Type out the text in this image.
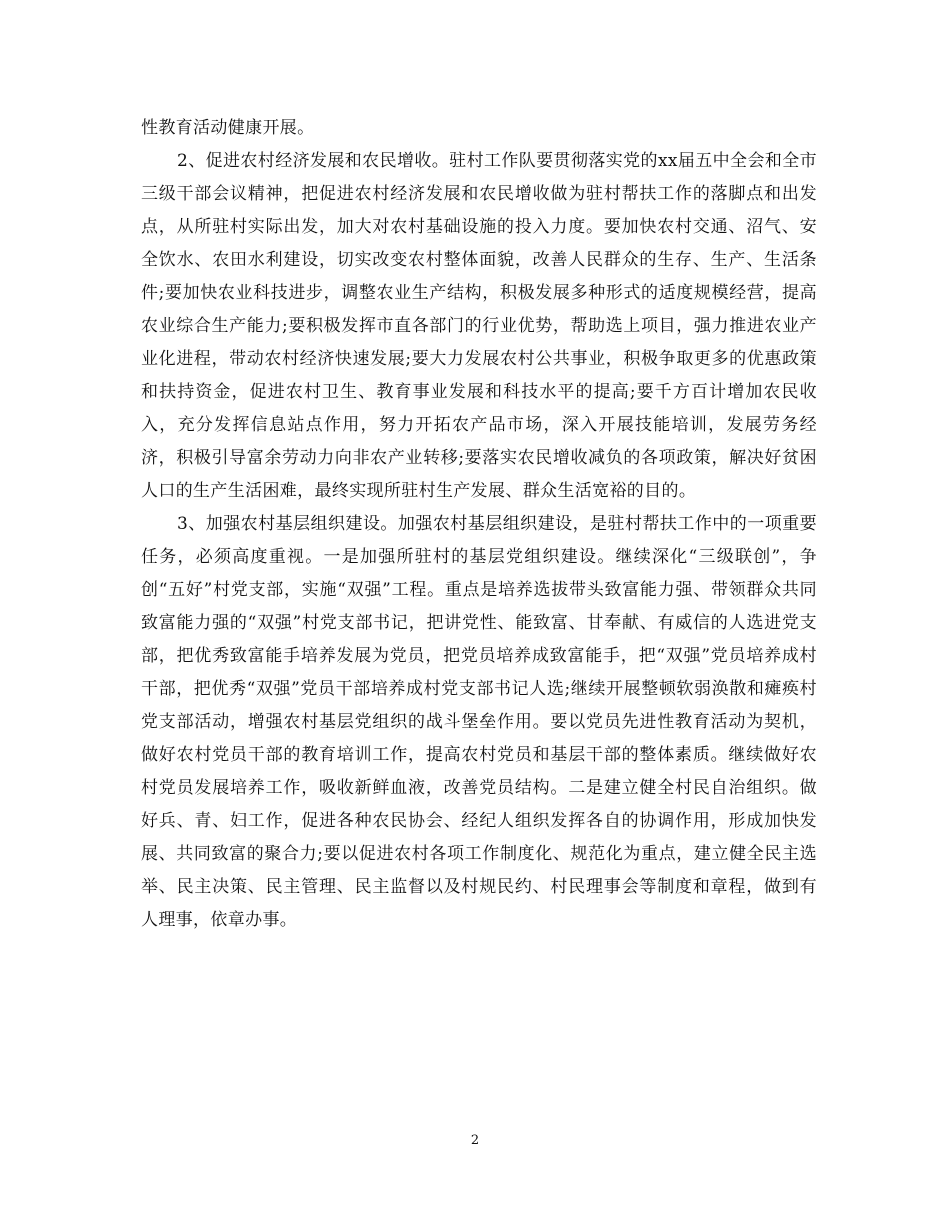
性教育活动健康开展。

2、促进农村经济发展和农民增收。驻村工作队要贯彻落实党的xx届五中全会和全市三级干部会议精神，把促进农村经济发展和农民增收做为驻村帮扶工作的落脚点和出发点，从所驻村实际出发，加大对农村基础设施的投入力度。要加快农村交通、沼气、安全饮水、农田水利建设，切实改变农村整体面貌，改善人民群众的生存、生产、生活条件;要加快农业科技进步，调整农业生产结构，积极发展多种形式的适度规模经营，提高农业综合生产能力;要积极发挥市直各部门的行业优势，帮助选上项目，强力推进农业产业化进程，带动农村经济快速发展;要大力发展农村公共事业，积极争取更多的优惠政策和扶持资金，促进农村卫生、教育事业发展和科技水平的提高;要千方百计增加农民收入，充分发挥信息站点作用，努力开拓农产品市场，深入开展技能培训，发展劳务经济，积极引导富余劳动力向非农产业转移;要落实农民增收减负的各项政策，解决好贫困人口的生产生活困难，最终实现所驻村生产发展、群众生活宽裕的目的。

3、加强农村基层组织建设。加强农村基层组织建设，是驻村帮扶工作中的一项重要任务，必须高度重视。一是加强所驻村的基层党组织建设。继续深化“三级联创”，争创“五好”村党支部，实施“双强”工程。重点是培养选拔带头致富能力强、带领群众共同致富能力强的“双强”村党支部书记，把讲党性、能致富、甘奉献、有威信的人选进党支部，把优秀致富能手培养发展为党员，把党员培养成致富能手，把“双强”党员培养成村干部，把优秀“双强”党员干部培养成村党支部书记人选;继续开展整顿软弱涣散和瘫痪村党支部活动，增强农村基层党组织的战斗堡垒作用。要以党员先进性教育活动为契机，做好农村党员干部的教育培训工作，提高农村党员和基层干部的整体素质。继续做好农村党员发展培养工作，吸收新鲜血液，改善党员结构。二是建立健全村民自治组织。做好兵、青、妇工作，促进各种农民协会、经纪人组织发挥各自的协调作用，形成加快发展、共同致富的聚合力;要以促进农村各项工作制度化、规范化为重点，建立健全民主选举、民主决策、民主管理、民主监督以及村规民约、村民理事会等制度和章程，做到有人理事，依章办事。

2
